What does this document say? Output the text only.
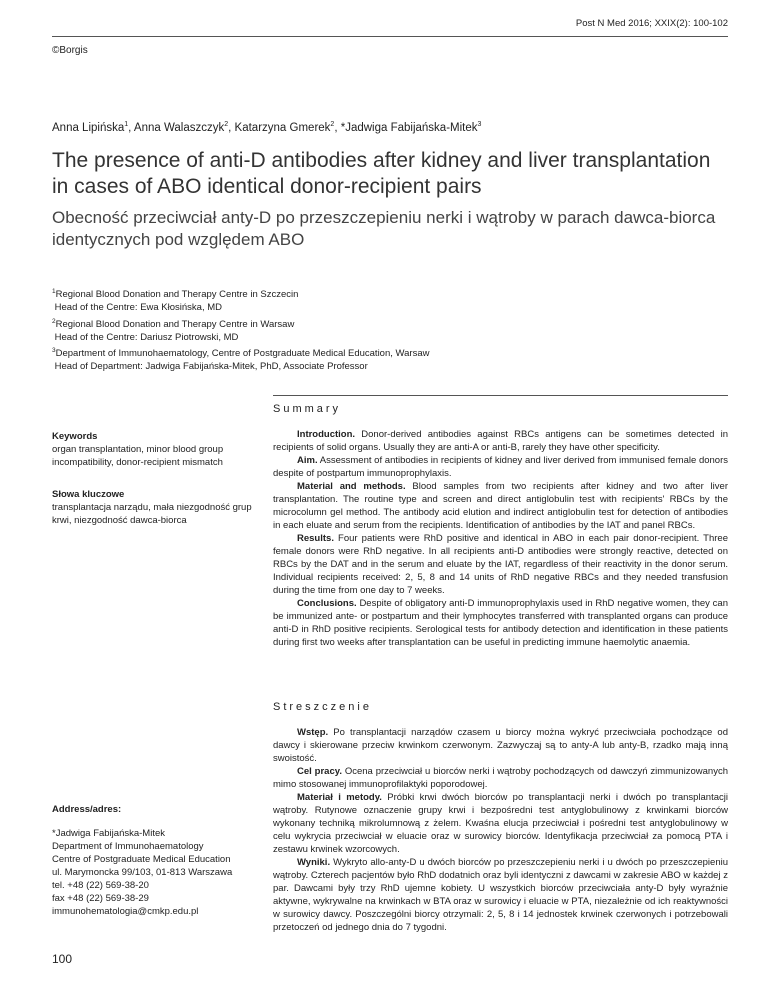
Post N Med 2016; XXIX(2): 100-102
©Borgis
Anna Lipińska$^1$, Anna Walaszczyk$^2$, Katarzyna Gmerek$^2$, *Jadwiga Fabijańska-Mitek$^3$
The presence of anti-D antibodies after kidney and liver transplantation in cases of ABO identical donor-recipient pairs
Obecność przeciwciał anty-D po przeszczepieniu nerki i wątroby w parach dawca-biorca identycznych pod względem ABO
$^1$Regional Blood Donation and Therapy Centre in Szczecin
Head of the Centre: Ewa Kłosińska, MD
$^2$Regional Blood Donation and Therapy Centre in Warsaw
Head of the Centre: Dariusz Piotrowski, MD
$^3$Department of Immunohaematology, Centre of Postgraduate Medical Education, Warsaw
Head of Department: Jadwiga Fabijańska-Mitek, PhD, Associate Professor
Keywords
organ transplantation, minor blood group incompatibility, donor-recipient mismatch
Słowa kluczowe
transplantacja narządu, mała niezgodność grup krwi, niezgodność dawca-biorca
Address/adres:
*Jadwiga Fabijańska-Mitek
Department of Immunohaematology
Centre of Postgraduate Medical Education
ul. Marymoncka 99/103, 01-813 Warszawa
tel. +48 (22) 569-38-20
fax +48 (22) 569-38-29
immunohematologia@cmkp.edu.pl
100
Summary

Introduction. Donor-derived antibodies against RBCs antigens can be sometimes detected in recipients of solid organs. Usually they are anti-A or anti-B, rarely they have other specificity.

Aim. Assessment of antibodies in recipients of kidney and liver derived from immunised female donors despite of postpartum immunoprophylaxis.

Material and methods. Blood samples from two recipients after kidney and two after liver transplantation. The routine type and screen and direct antiglobulin test with recipients' RBCs by the microcolumn gel method. The antibody acid elution and indirect antiglobulin test for detection of antibodies in each eluate and serum from the recipients. Identification of antibodies by the IAT and panel RBCs.

Results. Four patients were RhD positive and identical in ABO in each pair donor-recipient. Three female donors were RhD negative. In all recipients anti-D antibodies were strongly reactive, detected on RBCs by the DAT and in the serum and eluate by the IAT, regardless of their reactivity in the donor serum. Individual recipients received: 2, 5, 8 and 14 units of RhD negative RBCs and they needed transfusion during the time from one day to 7 weeks.

Conclusions. Despite of obligatory anti-D immunoprophylaxis used in RhD negative women, they can be immunized ante- or postpartum and their lymphocytes transferred with transplanted organs can produce anti-D in RhD positive recipients. Serological tests for antibody detection and identification in these patients during first two weeks after transplantation can be useful in predicting immune haemolytic anaemia.

Streszczenie

Wstęp. Po transplantacji narządów czasem u biorcy można wykryć przeciwciała pochodzące od dawcy i skierowane przeciw krwinkom czerwonym. Zazwyczaj są to anty-A lub anty-B, rzadko mają inną swoistość.

Cel pracy. Ocena przeciwciał u biorców nerki i wątroby pochodzących od dawczyń zimmunizowanych mimo stosowanej immunoprofilaktyki poporodowej.

Materiał i metody. Próbki krwi dwóch biorców po transplantacji nerki i dwóch po transplantacji wątroby. Rutynowe oznaczenie grupy krwi i bezpośredni test antyglobulinowy z krwinkami biorców wykonany techniką mikrolumnową z żelem. Kwaśna elucja przeciwciał i pośredni test antyglobulinowy w celu wykrycia przeciwciał w eluacie oraz w surowicy biorców. Identyfikacja przeciwciał za pomocą PTA i zestawu krwinek wzorcowych.

Wyniki. Wykryto allo-anty-D u dwóch biorców po przeszczepieniu nerki i u dwóch po przeszczepieniu wątroby. Czterech pacjentów było RhD dodatnich oraz byli identyczni z dawcami w zakresie ABO w każdej z par. Dawcami były trzy RhD ujemne kobiety. U wszystkich biorców przeciwciała anty-D były wyraźnie aktywne, wykrywalne na krwinkach w BTA oraz w surowicy i eluacie w PTA, niezależnie od ich reaktywności w surowicy dawcy. Poszczególni biorcy otrzymali: 2, 5, 8 i 14 jednostek krwinek czerwonych i potrzebowali przetoczeń od jednego dnia do 7 tygodni.
